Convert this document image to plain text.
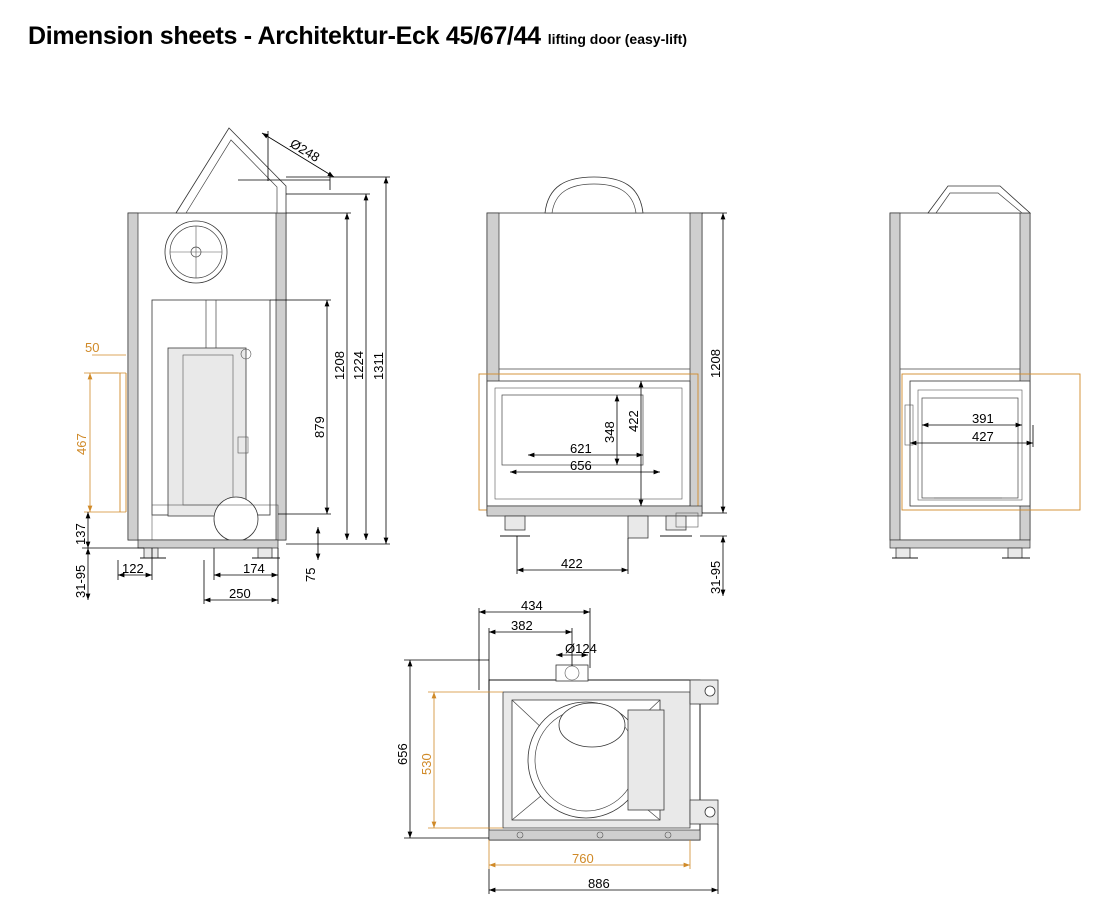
Dimension sheets - Architektur-Eck 45/67/44 lifting door (easy-lift)
Ø248
1311
1224
1208
879
75
467
50
137
31-95	122	174
250
1208
31-95
422
348
621
656
422
391
427
434
382
Ø124
656 530
760
886
